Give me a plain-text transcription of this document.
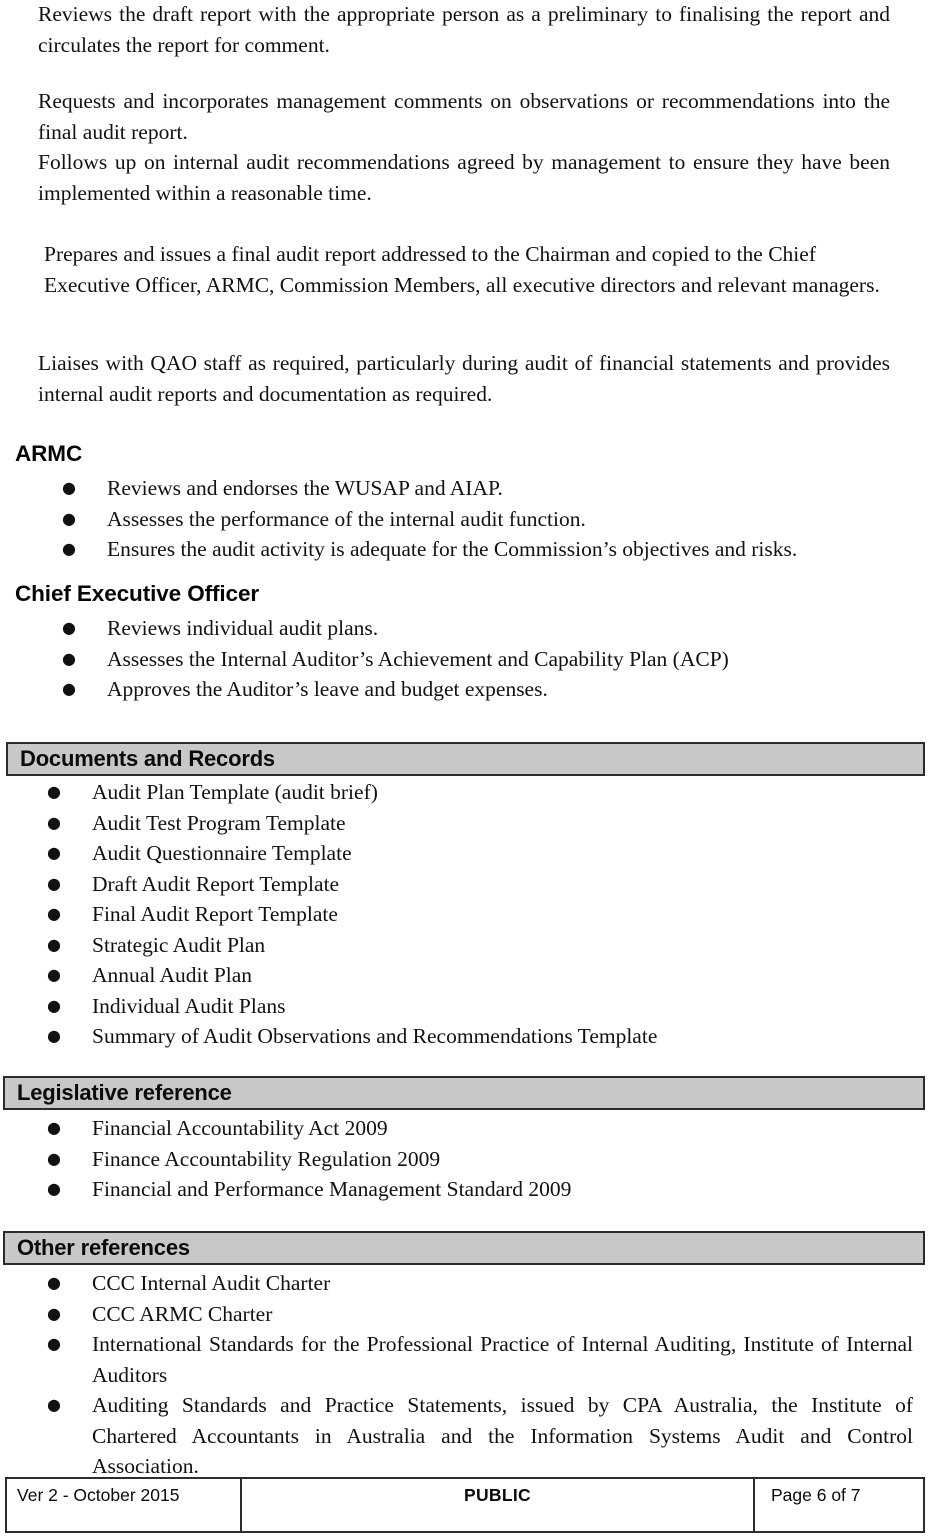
Reviews the draft report with the appropriate person as a preliminary to finalising the report and circulates the report for comment.

Requests and incorporates management comments on observations or recommendations into the final audit report.

Follows up on internal audit recommendations agreed by management to ensure they have been implemented within a reasonable time.

Prepares and issues a final audit report addressed to the Chairman and copied to the Chief Executive Officer, ARMC, Commission Members, all executive directors and relevant managers.

Liaises with QAO staff as required, particularly during audit of financial statements and provides internal audit reports and documentation as required.

ARMC
● Reviews and endorses the WUSAP and AIAP.
● Assesses the performance of the internal audit function.
● Ensures the audit activity is adequate for the Commission’s objectives and risks.
Chief Executive Officer
● Reviews individual audit plans.
● Assesses the Internal Auditor’s Achievement and Capability Plan (ACP)
● Approves the Auditor’s leave and budget expenses.
Documents and Records
● Audit Plan Template (audit brief)
● Audit Test Program Template
● Audit Questionnaire Template
● Draft Audit Report Template
● Final Audit Report Template
● Strategic Audit Plan
● Annual Audit Plan
● Individual Audit Plans
● Summary of Audit Observations and Recommendations Template
Legislative reference
● Financial Accountability Act 2009
● Finance Accountability Regulation 2009
● Financial and Performance Management Standard 2009
Other references
● CCC Internal Audit Charter
● CCC ARMC Charter
● International Standards for the Professional Practice of Internal Auditing, Institute of Internal Auditors
● Auditing Standards and Practice Statements, issued by CPA Australia, the Institute of Chartered Accountants in Australia and the Information Systems Audit and Control Association.
Ver 2 - October 2015	PUBLIC	Page 6 of 7
